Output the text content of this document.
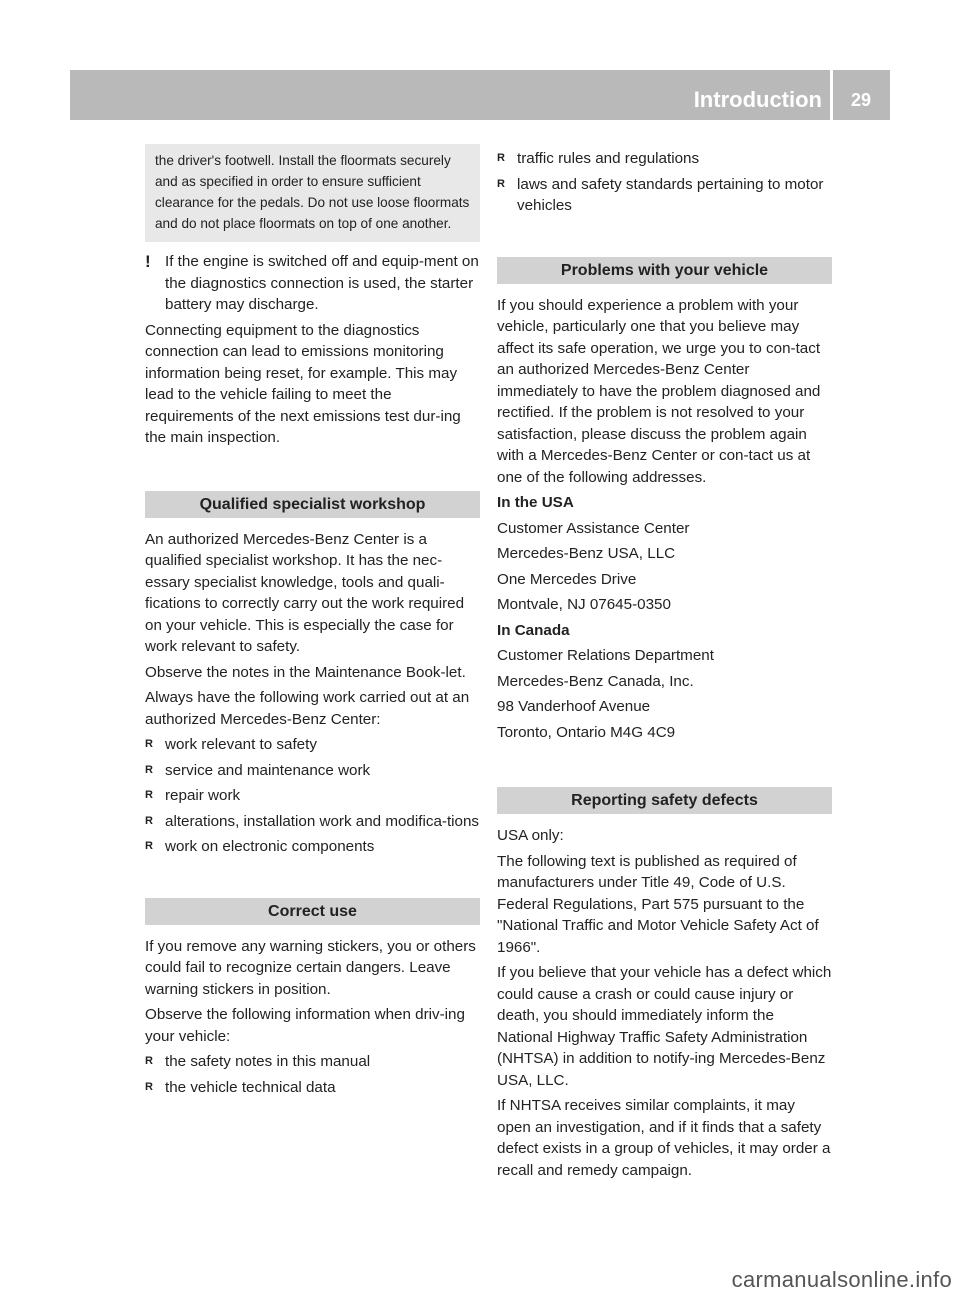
Introduction	29
the driver's footwell. Install the floormats securely and as specified in order to ensure sufficient clearance for the pedals. Do not use loose floormats and do not place floormats on top of one another.
! If the engine is switched off and equip-ment on the diagnostics connection is used, the starter battery may discharge.

Connecting equipment to the diagnostics connection can lead to emissions monitoring information being reset, for example. This may lead to the vehicle failing to meet the requirements of the next emissions test dur-ing the main inspection.

Qualified specialist workshop

An authorized Mercedes-Benz Center is a qualified specialist workshop. It has the nec-essary specialist knowledge, tools and quali-fications to correctly carry out the work required on your vehicle. This is especially the case for work relevant to safety.

Observe the notes in the Maintenance Book-let.

Always have the following work carried out at an authorized Mercedes-Benz Center:

R work relevant to safety
R service and maintenance work
R repair work
R alterations, installation work and modifica-tions
R work on electronic components
Correct use

If you remove any warning stickers, you or others could fail to recognize certain dangers. Leave warning stickers in position.

Observe the following information when driv-ing your vehicle:

R the safety notes in this manual
R the vehicle technical data
R traffic rules and regulations
R laws and safety standards pertaining to motor vehicles
Problems with your vehicle

If you should experience a problem with your vehicle, particularly one that you believe may affect its safe operation, we urge you to con-tact an authorized Mercedes-Benz Center immediately to have the problem diagnosed and rectified. If the problem is not resolved to your satisfaction, please discuss the problem again with a Mercedes-Benz Center or con-tact us at one of the following addresses.

In the USA

Customer Assistance Center

Mercedes-Benz USA, LLC

One Mercedes Drive

Montvale, NJ 07645-0350

In Canada

Customer Relations Department

Mercedes-Benz Canada, Inc.

98 Vanderhoof Avenue

Toronto, Ontario M4G 4C9

Reporting safety defects

USA only:

The following text is published as required of manufacturers under Title 49, Code of U.S. Federal Regulations, Part 575 pursuant to the "National Traffic and Motor Vehicle Safety Act of 1966".

If you believe that your vehicle has a defect which could cause a crash or could cause injury or death, you should immediately inform the National Highway Traffic Safety Administration (NHTSA) in addition to notify-ing Mercedes-Benz USA, LLC.

If NHTSA receives similar complaints, it may open an investigation, and if it finds that a safety defect exists in a group of vehicles, it may order a recall and remedy campaign.

carmanualsonline.info
